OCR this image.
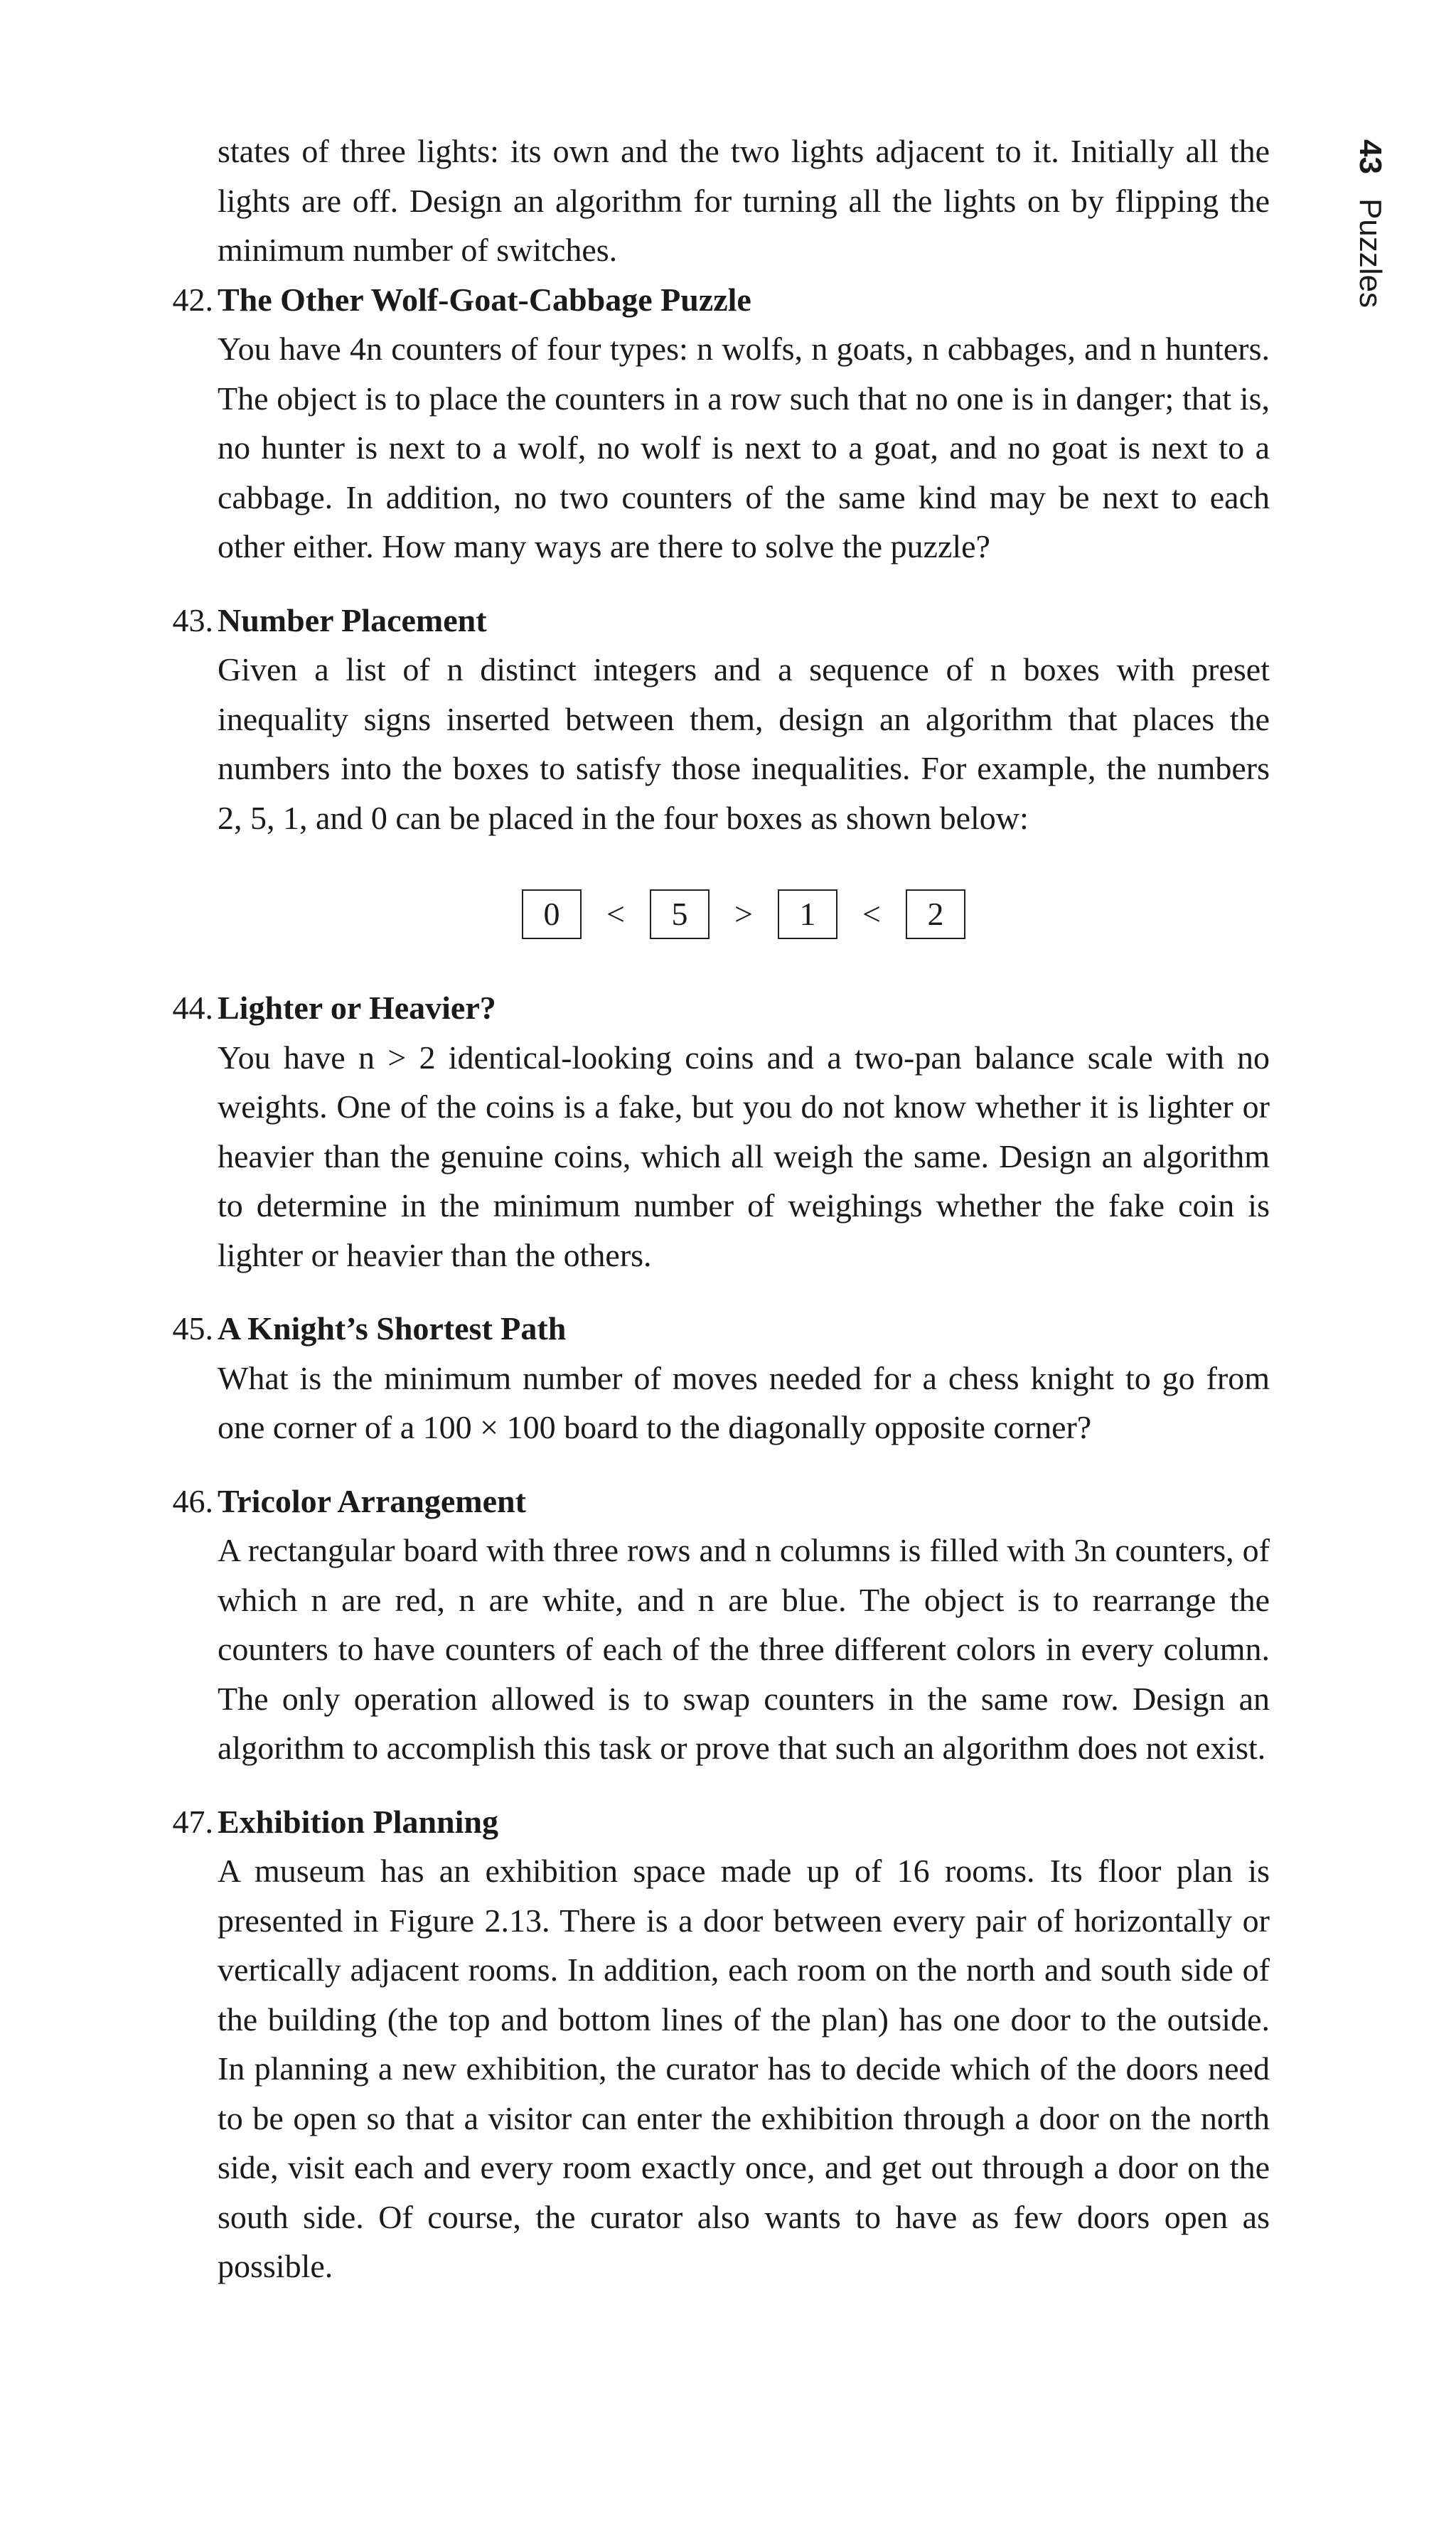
43Puzzles

states of three lights: its own and the two lights adjacent to it. Initially all the lights are off. Design an algorithm for turning all the lights on by flipping the minimum number of switches.

42. The Other Wolf-Goat-Cabbage Puzzle

You have 4n counters of four types: n wolfs, n goats, n cabbages, and n hunters. The object is to place the counters in a row such that no one is in danger; that is, no hunter is next to a wolf, no wolf is next to a goat, and no goat is next to a cabbage. In addition, no two counters of the same kind may be next to each other either. How many ways are there to solve the puzzle?

43. Number Placement

Given a list of n distinct integers and a sequence of n boxes with preset inequality signs inserted between them, design an algorithm that places the numbers into the boxes to satisfy those inequalities. For example, the numbers 2, 5, 1, and 0 can be placed in the four boxes as shown below:

0	<	5	>	1	<	2
44. Lighter or Heavier?

You have n > 2 identical-looking coins and a two-pan balance scale with no weights. One of the coins is a fake, but you do not know whether it is lighter or heavier than the genuine coins, which all weigh the same. Design an algorithm to determine in the minimum number of weighings whether the fake coin is lighter or heavier than the others.

45. A Knight’s Shortest Path

What is the minimum number of moves needed for a chess knight to go from one corner of a 100 × 100 board to the diagonally opposite corner?

46. Tricolor Arrangement

A rectangular board with three rows and n columns is filled with 3n counters, of which n are red, n are white, and n are blue. The object is to rearrange the counters to have counters of each of the three different colors in every column. The only operation allowed is to swap counters in the same row. Design an algorithm to accomplish this task or prove that such an algorithm does not exist.

47. Exhibition Planning

A museum has an exhibition space made up of 16 rooms. Its floor plan is presented in Figure 2.13. There is a door between every pair of horizontally or vertically adjacent rooms. In addition, each room on the north and south side of the building (the top and bottom lines of the plan) has one door to the outside. In planning a new exhibition, the curator has to decide which of the doors need to be open so that a visitor can enter the exhibition through a door on the north side, visit each and every room exactly once, and get out through a door on the south side. Of course, the curator also wants to have as few doors open as possible.
